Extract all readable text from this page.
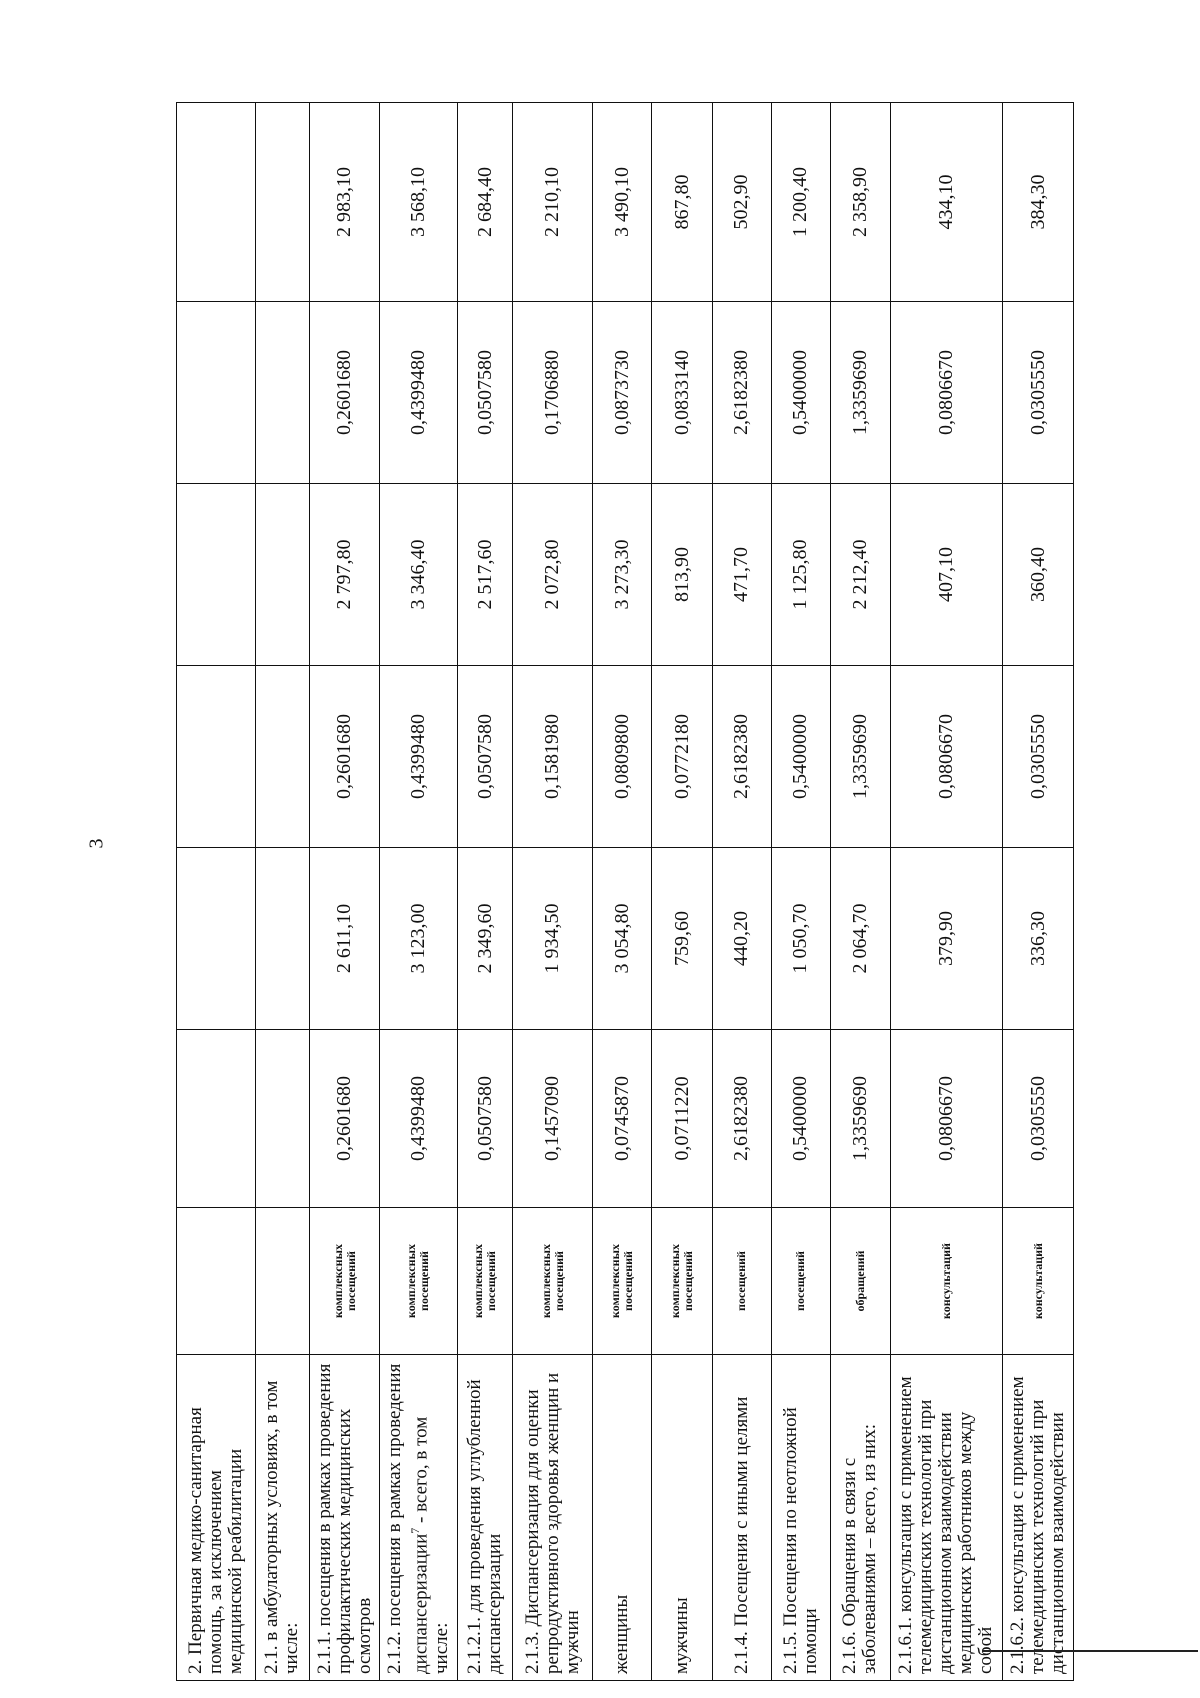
3
2. Первичная медико-санитарная помощь, за исключением медицинской реабилитации							
2.1. в амбулаторных условиях, в том числе:							
2.1.1. посещения в рамках проведения профилактических медицинских осмотров	комплексных посещений	0,2601680	2 611,10	0,2601680	2 797,80	0,2601680	2 983,10
2.1.2. посещения в рамках проведения диспансеризации$^7$ - всего, в том числе:	комплексных посещений	0,4399480	3 123,00	0,4399480	3 346,40	0,4399480	3 568,10
2.1.2.1. для проведения углубленной диспансеризации	комплексных посещений	0,0507580	2 349,60	0,0507580	2 517,60	0,0507580	2 684,40
2.1.3. Диспансеризация для оценки репродуктивного здоровья женщин и мужчин	комплексных посещений	0,1457090	1 934,50	0,1581980	2 072,80	0,1706880	2 210,10
женщины	комплексных посещений	0,0745870	3 054,80	0,0809800	3 273,30	0,0873730	3 490,10
мужчины	комплексных посещений	0,0711220	759,60	0,0772180	813,90	0,0833140	867,80
2.1.4. Посещения с иными целями	посещений	2,6182380	440,20	2,6182380	471,70	2,6182380	502,90
2.1.5. Посещения по неотложной помощи	посещений	0,5400000	1 050,70	0,5400000	1 125,80	0,5400000	1 200,40
2.1.6. Обращения в связи с заболеваниями – всего, из них:	обращений	1,3359690	2 064,70	1,3359690	2 212,40	1,3359690	2 358,90
2.1.6.1. консультация с применением телемедицинских технологий при дистанционном взаимодействии медицинских работников между собой	консультаций	0,0806670	379,90	0,0806670	407,10	0,0806670	434,10
2.1.6.2. консультация с применением телемедицинских технологий при дистанционном взаимодействии	консультаций	0,0305550	336,30	0,0305550	360,40	0,0305550	384,30
